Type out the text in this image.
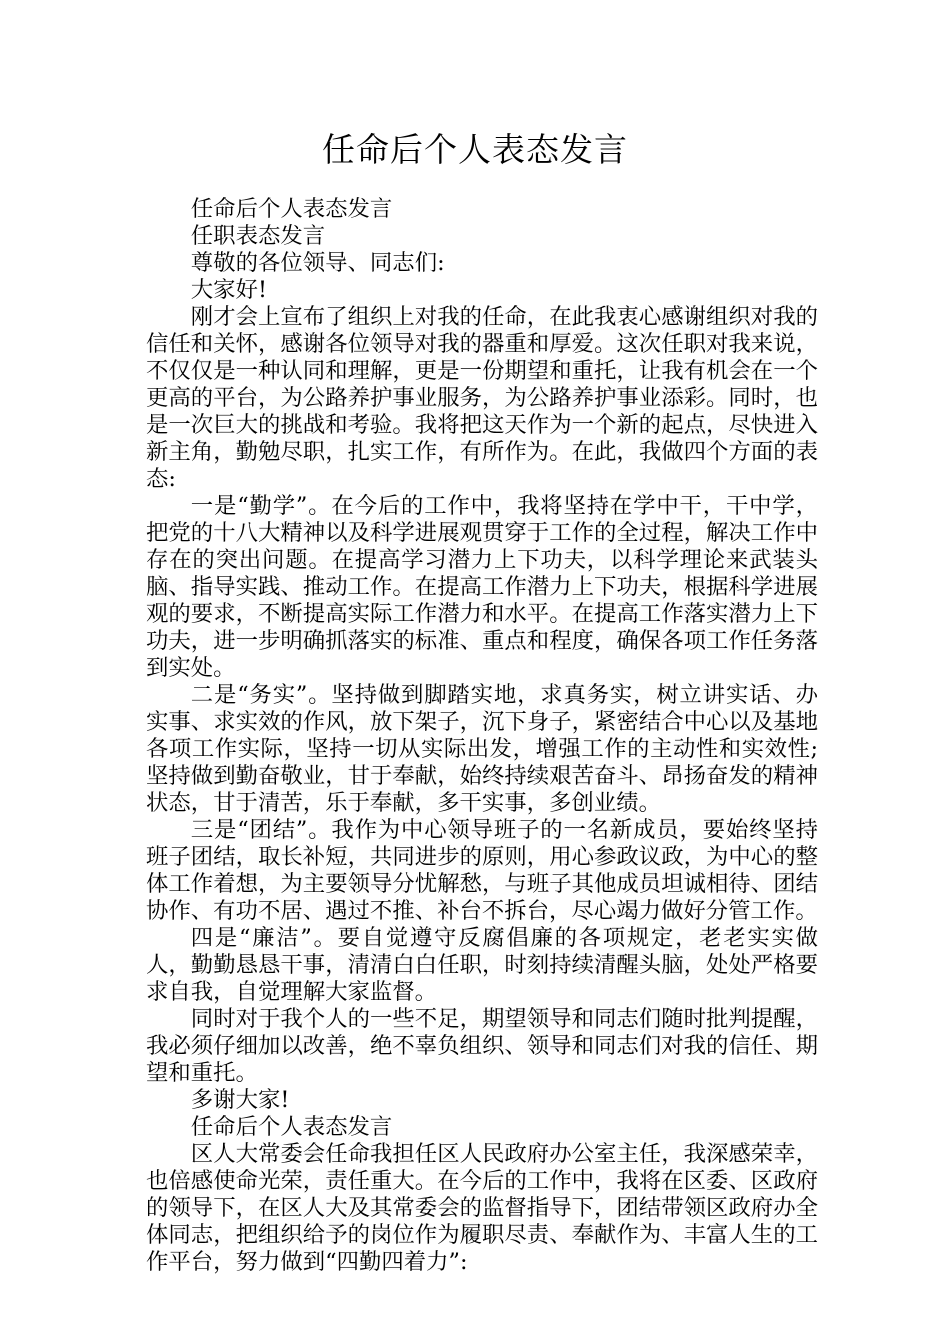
任命后个人表态发言

任命后个人表态发言

任职表态发言

尊敬的各位领导、同志们:

大家好!

刚才会上宣布了组织上对我的任命，在此我衷心感谢组织对我的信任和关怀，感谢各位领导对我的器重和厚爱。这次任职对我来说，不仅仅是一种认同和理解，更是一份期望和重托，让我有机会在一个更高的平台，为公路养护事业服务，为公路养护事业添彩。同时，也是一次巨大的挑战和考验。我将把这天作为一个新的起点，尽快进入新主角，勤勉尽职，扎实工作，有所作为。在此，我做四个方面的表态:

一是“勤学”。在今后的工作中，我将坚持在学中干，干中学，把党的十八大精神以及科学进展观贯穿于工作的全过程，解决工作中存在的突出问题。在提高学习潜力上下功夫，以科学理论来武装头脑、指导实践、推动工作。在提高工作潜力上下功夫，根据科学进展观的要求，不断提高实际工作潜力和水平。在提高工作落实潜力上下功夫，进一步明确抓落实的标准、重点和程度，确保各项工作任务落到实处。

二是“务实”。坚持做到脚踏实地，求真务实，树立讲实话、办实事、求实效的作风，放下架子，沉下身子，紧密结合中心以及基地各项工作实际，坚持一切从实际出发，增强工作的主动性和实效性;坚持做到勤奋敬业，甘于奉献，始终持续艰苦奋斗、昂扬奋发的精神状态，甘于清苦，乐于奉献，多干实事，多创业绩。

三是“团结”。我作为中心领导班子的一名新成员，要始终坚持班子团结，取长补短，共同进步的原则，用心参政议政，为中心的整体工作着想，为主要领导分忧解愁，与班子其他成员坦诚相待、团结协作、有功不居、遇过不推、补台不拆台，尽心竭力做好分管工作。

四是“廉洁”。要自觉遵守反腐倡廉的各项规定，老老实实做人，勤勤恳恳干事，清清白白任职，时刻持续清醒头脑，处处严格要求自我，自觉理解大家监督。

同时对于我个人的一些不足，期望领导和同志们随时批判提醒，我必须仔细加以改善，绝不辜负组织、领导和同志们对我的信任、期望和重托。

多谢大家!

任命后个人表态发言

区人大常委会任命我担任区人民政府办公室主任，我深感荣幸，也倍感使命光荣，责任重大。在今后的工作中，我将在区委、区政府的领导下，在区人大及其常委会的监督指导下，团结带领区政府办全体同志，把组织给予的岗位作为履职尽责、奉献作为、丰富人生的工作平台，努力做到“四勤四着力”:
